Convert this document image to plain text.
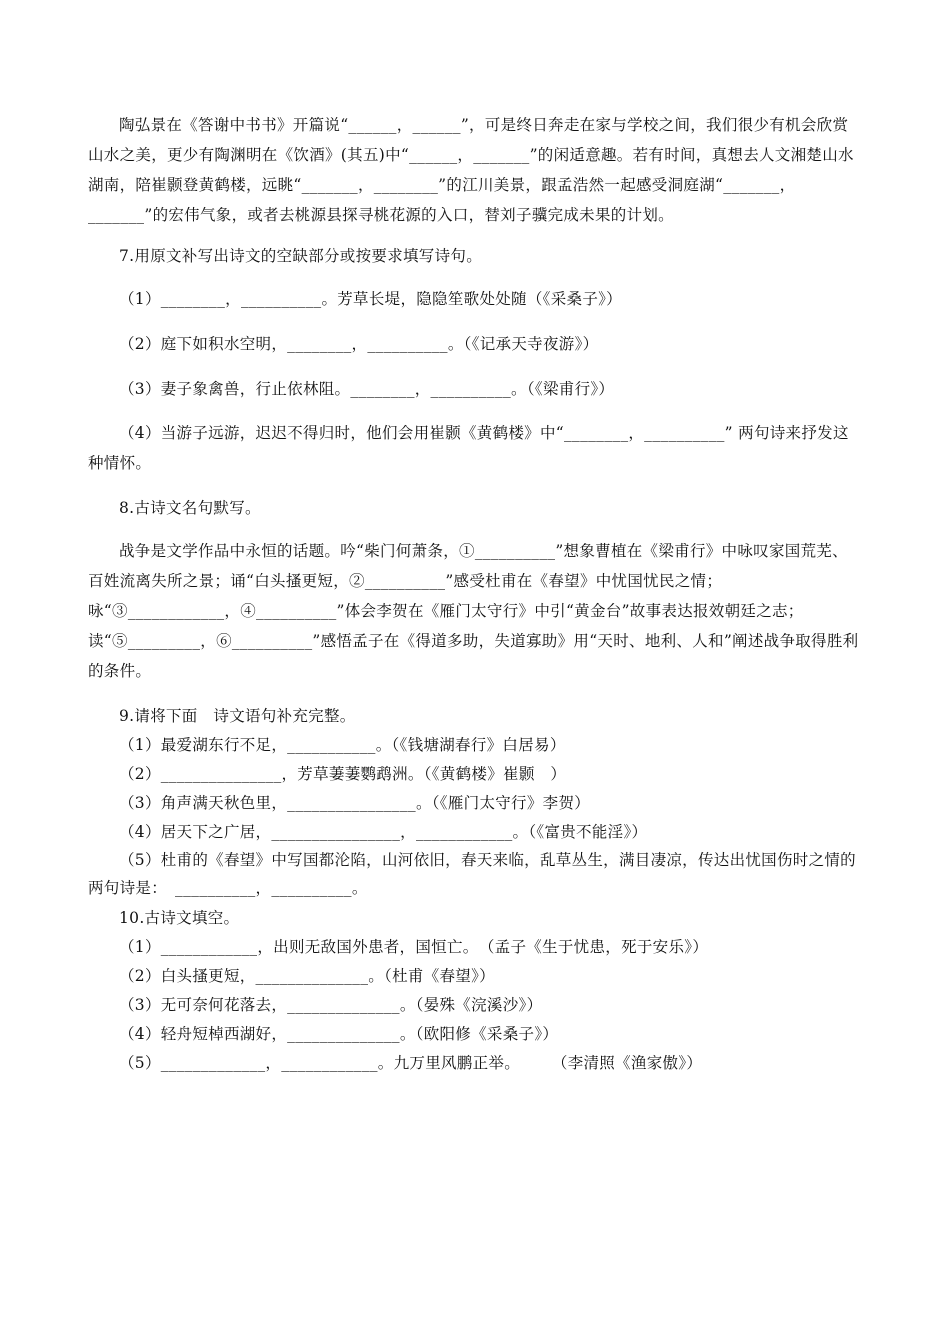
陶弘景在《答谢中书书》开篇说“______，______”，可是终日奔走在家与学校之间，我们很少有机会欣赏山水之美，更少有陶渊明在《饮酒》(其五)中“______，_______”的闲适意趣。若有时间，真想去人文湘楚山水湖南，陪崔颢登黄鹤楼，远眺“_______，________”的江川美景，跟孟浩然一起感受洞庭湖“_______，_______”的宏伟气象，或者去桃源县探寻桃花源的入口，替刘子骥完成未果的计划。
7.用原文补写出诗文的空缺部分或按要求填写诗句。
（1）________，__________。芳草长堤，隐隐笙歌处处随（《采桑子》）
（2）庭下如积水空明，________，__________。（《记承天寺夜游》）
（3）妻子象禽兽，行止依林阻。________，__________。（《梁甫行》）
（4）当游子远游，迟迟不得归时，他们会用崔颢《黄鹤楼》中“________，__________” 两句诗来抒发这种情怀。
8.古诗文名句默写。
战争是文学作品中永恒的话题。吟“柴门何萧条，①__________”想象曹植在《梁甫行》中咏叹家国荒芜、百姓流离失所之景；诵“白头搔更短，②__________”感受杜甫在《春望》中忧国忧民之情；咏“③____________，④__________”体会李贺在《雁门太守行》中引“黄金台”故事表达报效朝廷之志；读“⑤_________，⑥__________”感悟孟子在《得道多助，失道寡助》用“天时、地利、人和”阐述战争取得胜利的条件。
9.请将下面　诗文语句补充完整。
（1）最爱湖东行不足，___________。（《钱塘湖春行》白居易）
（2）_______________，芳草萋萋鹦鹉洲。（《黄鹤楼》崔颢　）
（3）角声满天秋色里，________________。（《雁门太守行》李贺）
（4）居天下之广居，________________，____________。（《富贵不能淫》）
（5）杜甫的《春望》中写国都沦陷，山河依旧，春天来临，乱草丛生，满目凄凉，传达出忧国伤时之情的两句诗是：　__________，__________。
10.古诗文填空。
（1）____________，出则无敌国外患者，国恒亡。　（孟子《生于忧患，死于安乐》）
（2）白头搔更短，______________。（杜甫《春望》）
（3）无可奈何花落去，______________。（晏殊《浣溪沙》）
（4）轻舟短棹西湖好，______________。（欧阳修《采桑子》）
（5）_____________，____________。九万里风鹏正举。　　　（李清照《渔家傲》）
